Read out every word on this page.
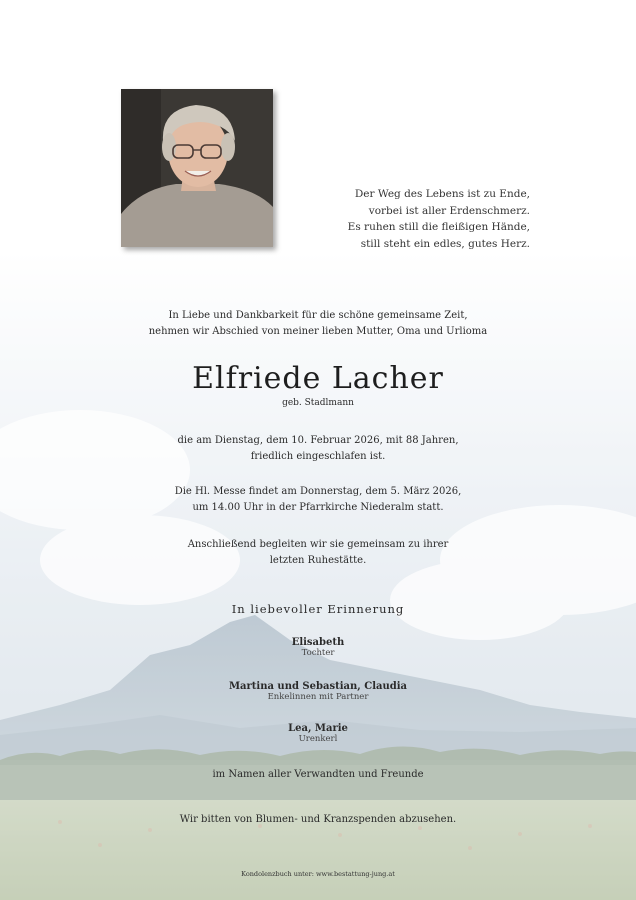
Der Weg des Lebens ist zu Ende,
vorbei ist aller Erdenschmerz.
Es ruhen still die fleißigen Hände,
still steht ein edles, gutes Herz.
In Liebe und Dankbarkeit für die schöne gemeinsame Zeit,
nehmen wir Abschied von meiner lieben Mutter, Oma und Urlioma
Elfriede Lacher
geb. Stadlmann
die am Dienstag, dem 10. Februar 2026, mit 88 Jahren,
friedlich eingeschlafen ist.
Die Hl. Messe findet am Donnerstag, dem 5. März 2026,
um 14.00 Uhr in der Pfarrkirche Niederalm statt.
Anschließend begleiten wir sie gemeinsam zu ihrer
letzten Ruhestätte.
In liebevoller Erinnerung
Elisabeth
Tochter
Martina und Sebastian, Claudia
Enkelinnen mit Partner
Lea, Marie
Urenkerl
im Namen aller Verwandten und Freunde
Wir bitten von Blumen- und Kranzspenden abzusehen.
Kondolenzbuch unter: www.bestattung-jung.at
